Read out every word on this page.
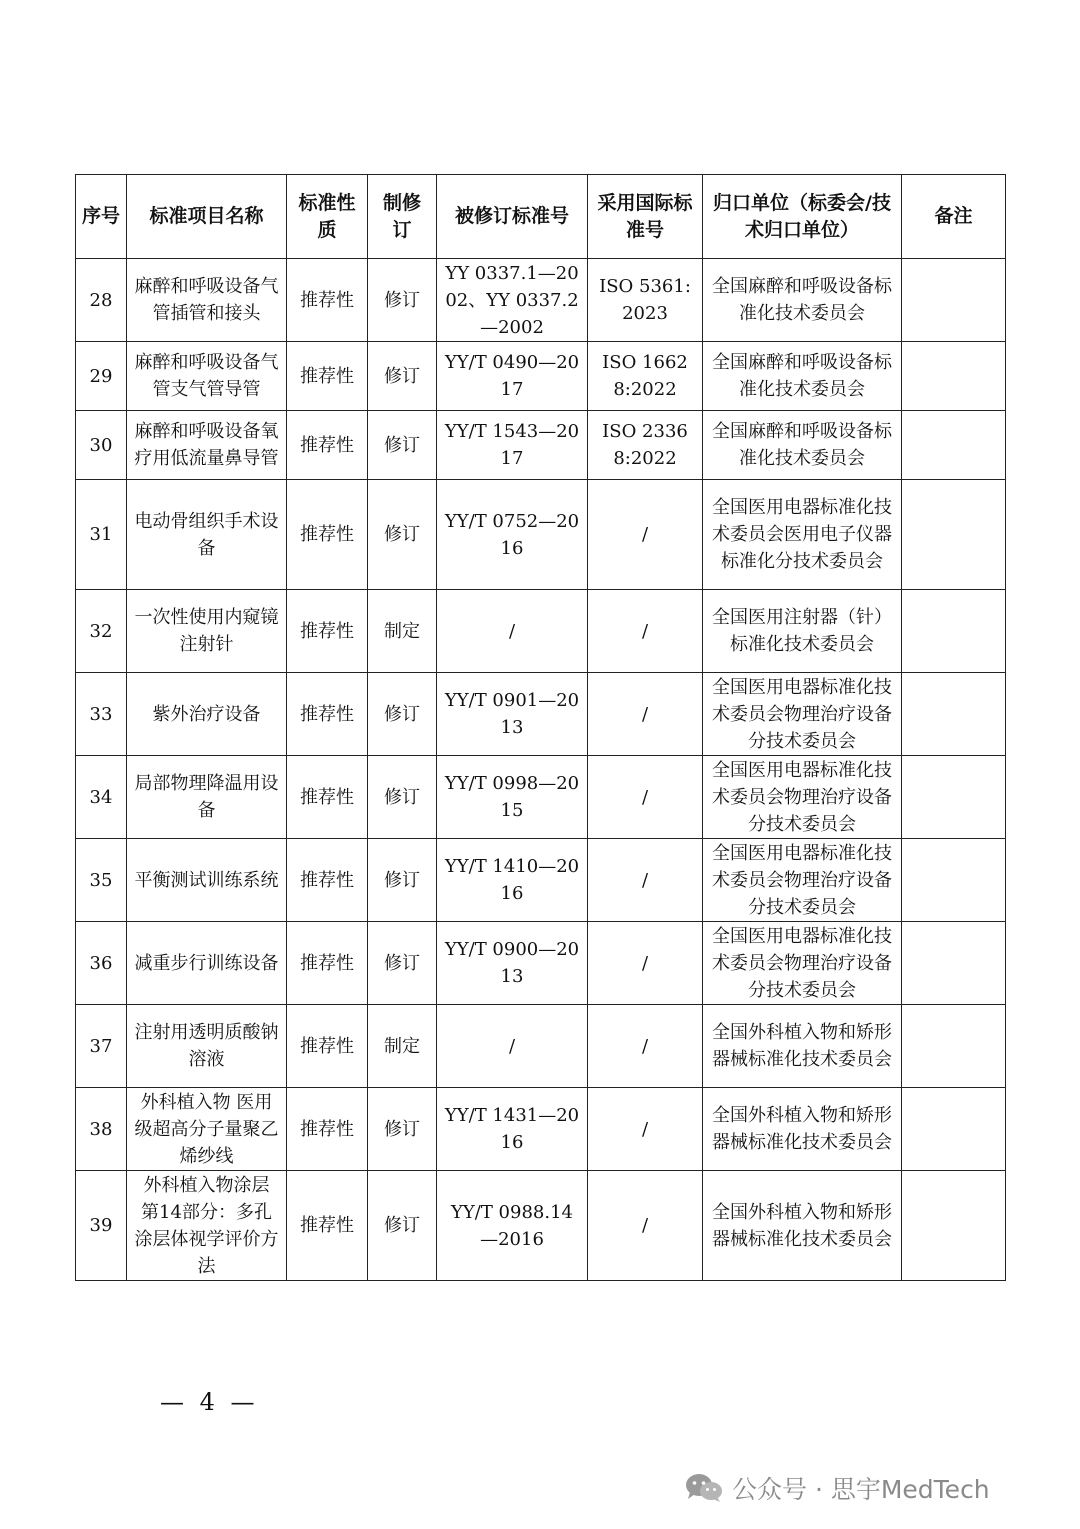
序号	标准项目名称	标准性质	制修订	被修订标准号	采用国际标准号	归口单位（标委会/技术归口单位）	备注
28	麻醉和呼吸设备气管插管和接头	推荐性	修订	YY 0337.1—2002、YY 0337.2—2002	ISO 5361:2023	全国麻醉和呼吸设备标准化技术委员会	
29	麻醉和呼吸设备气管支气管导管	推荐性	修订	YY/T 0490—2017	ISO 16628:2022	全国麻醉和呼吸设备标准化技术委员会	
30	麻醉和呼吸设备氧疗用低流量鼻导管	推荐性	修订	YY/T 1543—2017	ISO 23368:2022	全国麻醉和呼吸设备标准化技术委员会	
31	电动骨组织手术设备	推荐性	修订	YY/T 0752—2016	/	全国医用电器标准化技术委员会医用电子仪器标准化分技术委员会	
32	一次性使用内窥镜注射针	推荐性	制定	/	/	全国医用注射器（针）标准化技术委员会	
33	紫外治疗设备	推荐性	修订	YY/T 0901—2013	/	全国医用电器标准化技术委员会物理治疗设备分技术委员会	
34	局部物理降温用设备	推荐性	修订	YY/T 0998—2015	/	全国医用电器标准化技术委员会物理治疗设备分技术委员会	
35	平衡测试训练系统	推荐性	修订	YY/T 1410—2016	/	全国医用电器标准化技术委员会物理治疗设备分技术委员会	
36	减重步行训练设备	推荐性	修订	YY/T 0900—2013	/	全国医用电器标准化技术委员会物理治疗设备分技术委员会	
37	注射用透明质酸钠溶液	推荐性	制定	/	/	全国外科植入物和矫形器械标准化技术委员会	
38	外科植入物 医用级超高分子量聚乙烯纱线	推荐性	修订	YY/T 1431—2016	/	全国外科植入物和矫形器械标准化技术委员会	
39	外科植入物涂层 第14部分：多孔涂层体视学评价方法	推荐性	修订	YY/T 0988.14—2016	/	全国外科植入物和矫形器械标准化技术委员会	
— 4 —
公众号 · 思宇MedTech
